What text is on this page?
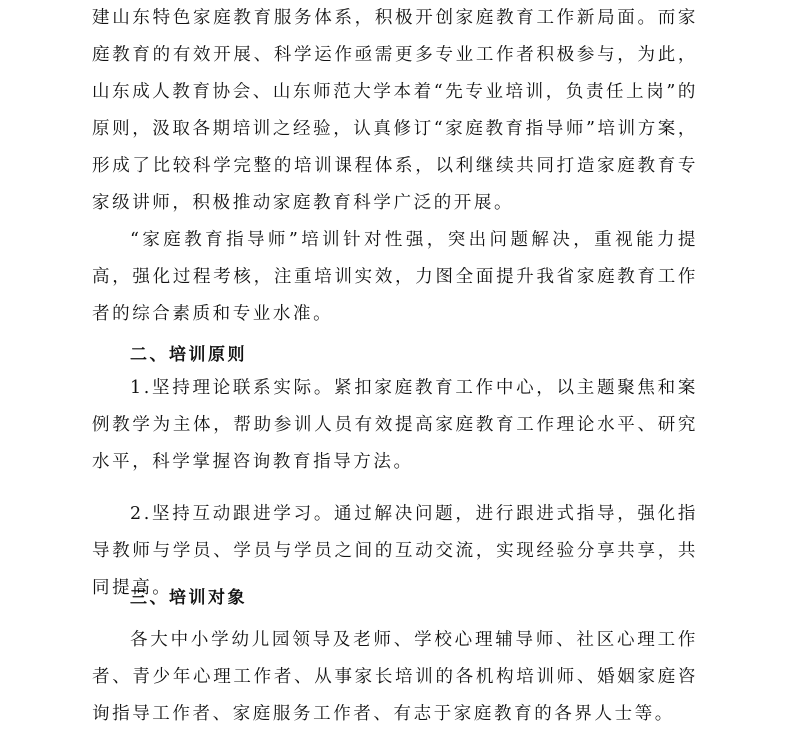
建山东特色家庭教育服务体系，积极开创家庭教育工作新局面。而家庭教育的有效开展、科学运作亟需更多专业工作者积极参与，为此，山东成人教育协会、山东师范大学本着“先专业培训，负责任上岗”的原则，汲取各期培训之经验，认真修订“家庭教育指导师”培训方案，形成了比较科学完整的培训课程体系，以利继续共同打造家庭教育专家级讲师，积极推动家庭教育科学广泛的开展。

“家庭教育指导师”培训针对性强，突出问题解决，重视能力提高，强化过程考核，注重培训实效，力图全面提升我省家庭教育工作者的综合素质和专业水准。

二、培训原则

1.坚持理论联系实际。紧扣家庭教育工作中心，以主题聚焦和案例教学为主体，帮助参训人员有效提高家庭教育工作理论水平、研究水平，科学掌握咨询教育指导方法。

2.坚持互动跟进学习。通过解决问题，进行跟进式指导，强化指导教师与学员、学员与学员之间的互动交流，实现经验分享共享，共同提高。

三、培训对象

各大中小学幼儿园领导及老师、学校心理辅导师、社区心理工作者、青少年心理工作者、从事家长培训的各机构培训师、婚姻家庭咨询指导工作者、家庭服务工作者、有志于家庭教育的各界人士等。
